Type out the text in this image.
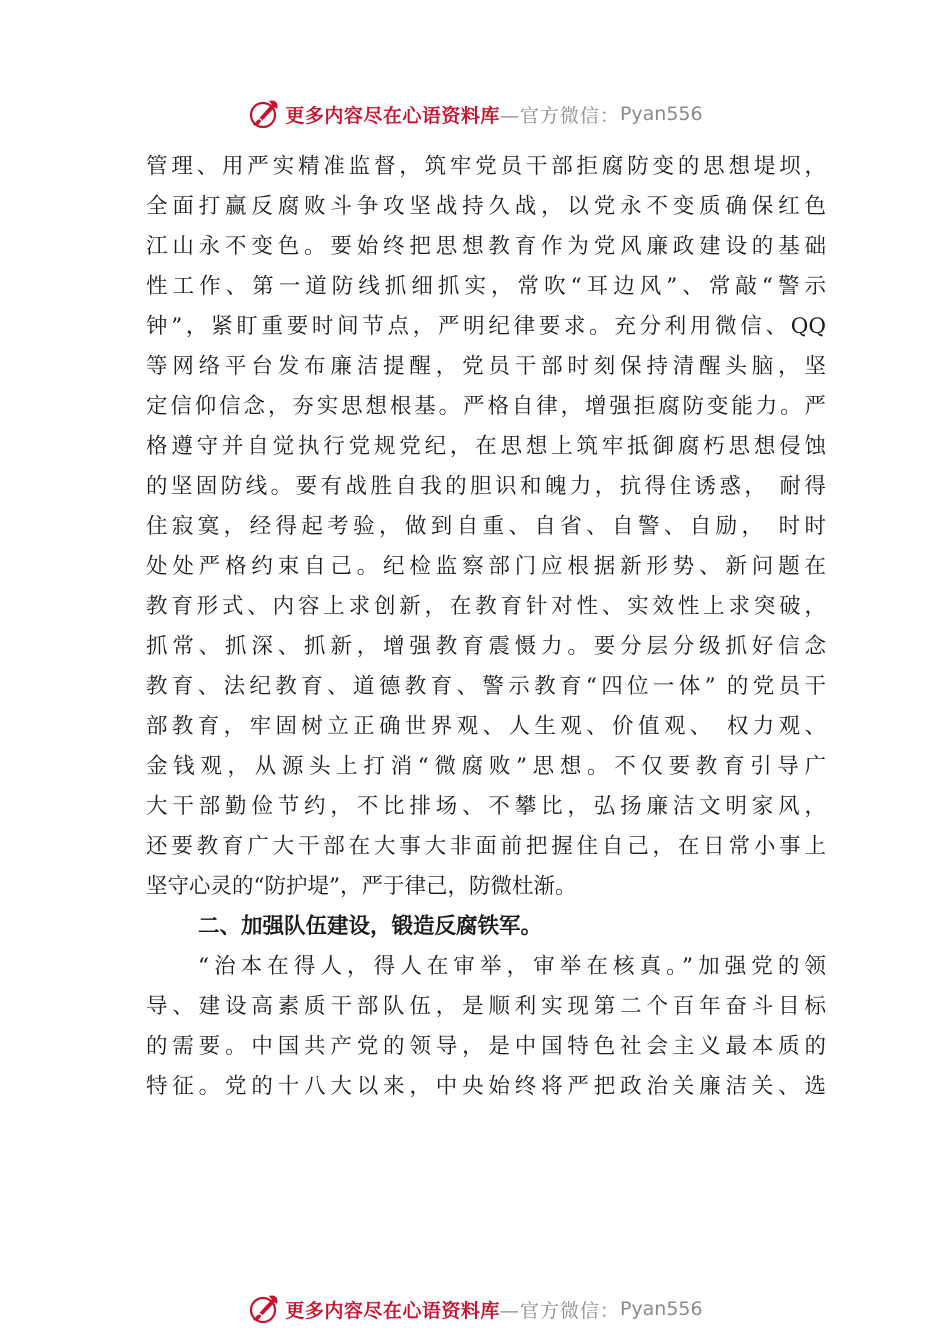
更多内容尽在心语资料库 —官方微信： Pyan556
管理、用严实精准监督，筑牢党员干部拒腐防变的思想堤坝，
全面打赢反腐败斗争攻坚战持久战，以党永不变质确保红色
江山永不变色。要始终把思想教育作为党风廉政建设的基础
性工作、第一道防线抓细抓实，常吹“耳边风”、常敲“警示
钟”，紧盯重要时间节点，严明纪律要求。充分利用微信、QQ
等网络平台发布廉洁提醒，党员干部时刻保持清醒头脑，坚
定信仰信念，夯实思想根基。严格自律，增强拒腐防变能力。严
格遵守并自觉执行党规党纪，在思想上筑牢抵御腐朽思想侵蚀
的坚固防线。要有战胜自我的胆识和魄力，抗得住诱惑， 耐得
住寂寞，经得起考验，做到自重、自省、自警、自励， 时时
处处严格约束自己。纪检监察部门应根据新形势、新问题在
教育形式、内容上求创新，在教育针对性、实效性上求突破，
抓常、抓深、抓新，增强教育震慑力。要分层分级抓好信念
教育、法纪教育、道德教育、警示教育“四位一体” 的党员干
部教育，牢固树立正确世界观、人生观、价值观、 权力观、
金钱观，从源头上打消“微腐败”思想。不仅要教育引导广
大干部勤俭节约，不比排场、不攀比，弘扬廉洁文明家风，
还要教育广大干部在大事大非面前把握住自己，在日常小事上
坚守心灵的“防护堤”，严于律己，防微杜渐。
二、加强队伍建设，锻造反腐铁军。
“治本在得人，得人在审举，审举在核真。”加强党的领
导、建设高素质干部队伍，是顺利实现第二个百年奋斗目标
的需要。中国共产党的领导，是中国特色社会主义最本质的
特征。党的十八大以来，中央始终将严把政治关廉洁关、选
更多内容尽在心语资料库 —官方微信： Pyan556
